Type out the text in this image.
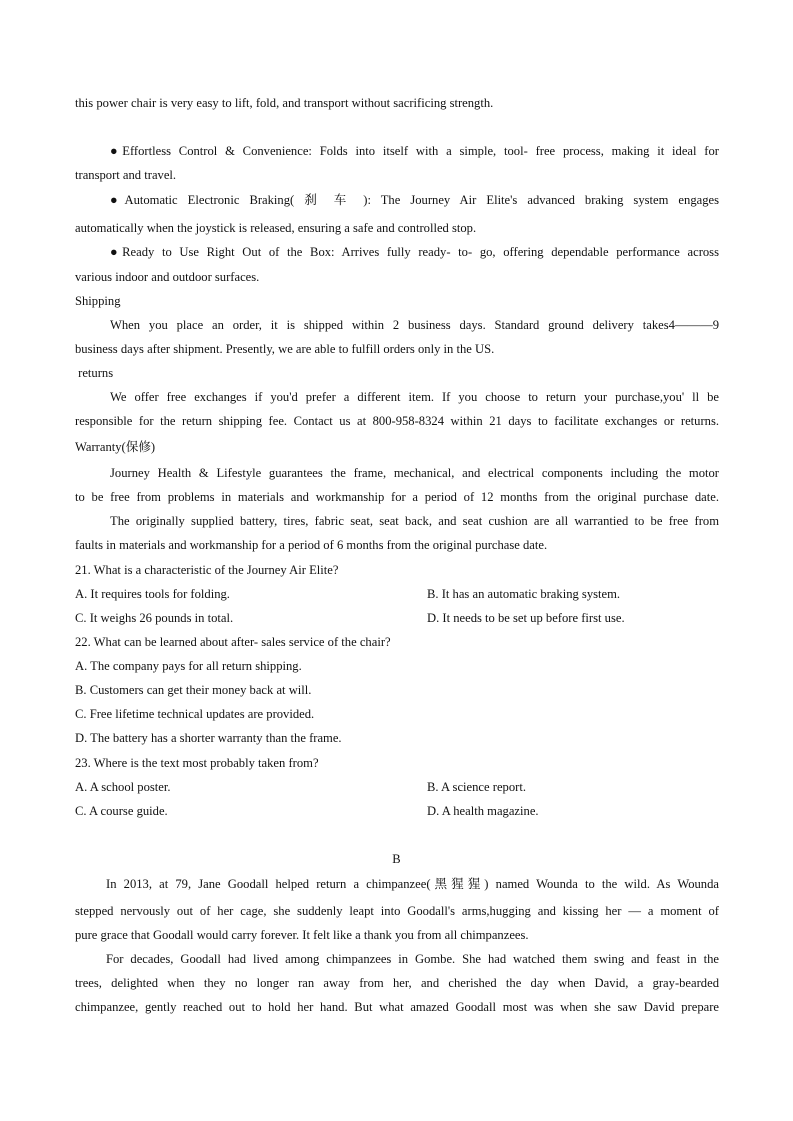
this power chair is very easy to lift, fold, and transport without sacrificing strength.
●Effortless Control & Convenience: Folds into itself with a simple, tool- free process, making it ideal for
transport and travel.
●Automatic Electronic Braking( 刹 车 ): The Journey Air Elite's advanced braking system engages
automatically when the joystick is released, ensuring a safe and controlled stop.
●Ready to Use Right Out of the Box: Arrives fully ready- to- go, offering dependable performance across
various indoor and outdoor surfaces.
Shipping
When you place an order, it is shipped within 2 business days. Standard ground delivery takes4———9
business days after shipment. Presently, we are able to fulfill orders only in the US.
returns
We offer free exchanges if you'd prefer a different item. If you choose to return your purchase,you' ll be
responsible for the return shipping fee. Contact us at 800-958-8324 within 21 days to facilitate exchanges or returns.
Warranty(保修)
Journey Health & Lifestyle guarantees the frame, mechanical, and electrical components including the motor
to be free from problems in materials and workmanship for a period of 12 months from the original purchase date.
The originally supplied battery, tires, fabric seat, seat back, and seat cushion are all warrantied to be free from
faults in materials and workmanship for a period of 6 months from the original purchase date.
21. What is a characteristic of the Journey Air Elite?
A. It requires tools for folding.	B. It has an automatic braking system.
C. It weighs 26 pounds in total.	D. It needs to be set up before first use.
22. What can be learned about after- sales service of the chair?
A. The company pays for all return shipping.
B. Customers can get their money back at will.
C. Free lifetime technical updates are provided.
D. The battery has a shorter warranty than the frame.
23. Where is the text most probably taken from?
A. A school poster.	B. A science report.
C. A course guide.	D. A health magazine.
B
In 2013, at 79, Jane Goodall helped return a chimpanzee(黑猩猩) named Wounda to the wild. As Wounda
stepped nervously out of her cage, she suddenly leapt into Goodall's arms,hugging and kissing her — a moment of
pure grace that Goodall would carry forever. It felt like a thank you from all chimpanzees.
For decades, Goodall had lived among chimpanzees in Gombe. She had watched them swing and feast in the
trees, delighted when they no longer ran away from her, and cherished the day when David, a gray-bearded
chimpanzee, gently reached out to hold her hand. But what amazed Goodall most was when she saw David prepare
